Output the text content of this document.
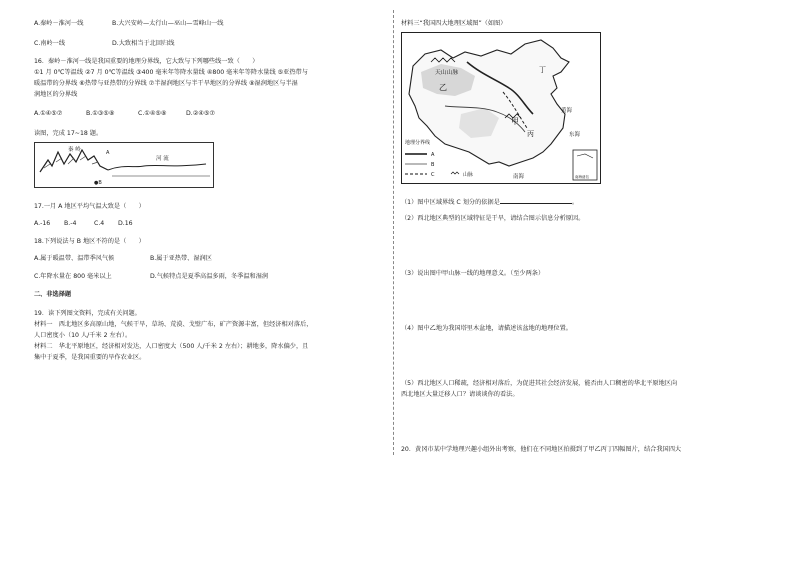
A.秦岭－淮河一线	B.大兴安岭—太行山—巫山—雪峰山一线
C.南岭一线	D.大致相当于北回归线
16．秦岭－淮河一线是我国重要的地理分界线，它大致与下列哪些线一致（　　）
①1 月 0℃等温线 ②7 月 0℃等温线 ③400 毫米年等降水量线 ④800 毫米年等降水量线 ⑤亚热带与
暖温带的分界线 ⑥热带与亚热带的分界线 ⑦半湿润地区与半干旱地区的分界线 ⑧湿润地区与半湿
润地区的分界线
A.①④⑤⑦	B.①③⑤⑧	C.①④⑤⑧	D.②④⑤⑦
读图，完成 17~18 题。
秦 岭
河 流
A
●B
17.一月 A 地区平均气温大致是（　　）
A.-16 B.-4	C.4 D.16
18.下列说法与 B 地区不符的是（　　）
A.属于暖温带、温带季风气候	B.属于亚热带、湿润区
C.年降水量在 800 毫米以上	D.气候特点是夏季高温多雨，冬季温和湿润
二、非选择题
19．读下列图文资料，完成有关问题。
材料一　西北地区多高原山地，气候干旱，草场、荒漠、戈壁广布，矿产资源丰富，但经济相对落后，
人口密度小（10 人/千米 2 左右）。
材料二　华北平原地区，经济相对发达，人口密度大（500 人/千米 2 左右）；耕地多，降水偏少，且
集中于夏季，是我国重要的旱作农业区。
材料三“我国四大地理区域图”（如图）
天山山脉
乙
甲
丁
丙
黄海
东海
南海
地理分界线
A
B
C	山脉	南海诸岛
（1）图中区域界线 C 划分的依据是	。
（2）西北地区典型的区域特征是干旱，请结合图示信息分析原因。
（3）说出图中甲山脉一线的地理意义。（至少两条）
（4）图中乙地为我国塔里木盆地，请描述该盆地的地理位置。
（5）西北地区人口稀疏，经济相对落后，为促进其社会经济发展，能否由人口稠密的华北平原地区向
西北地区大量迁移人口？请谈谈你的看法。
20．黄冈市某中学地理兴趣小组外出考察，他们在不同地区拍摄到了甲乙丙丁四幅图片，结合我国四大
